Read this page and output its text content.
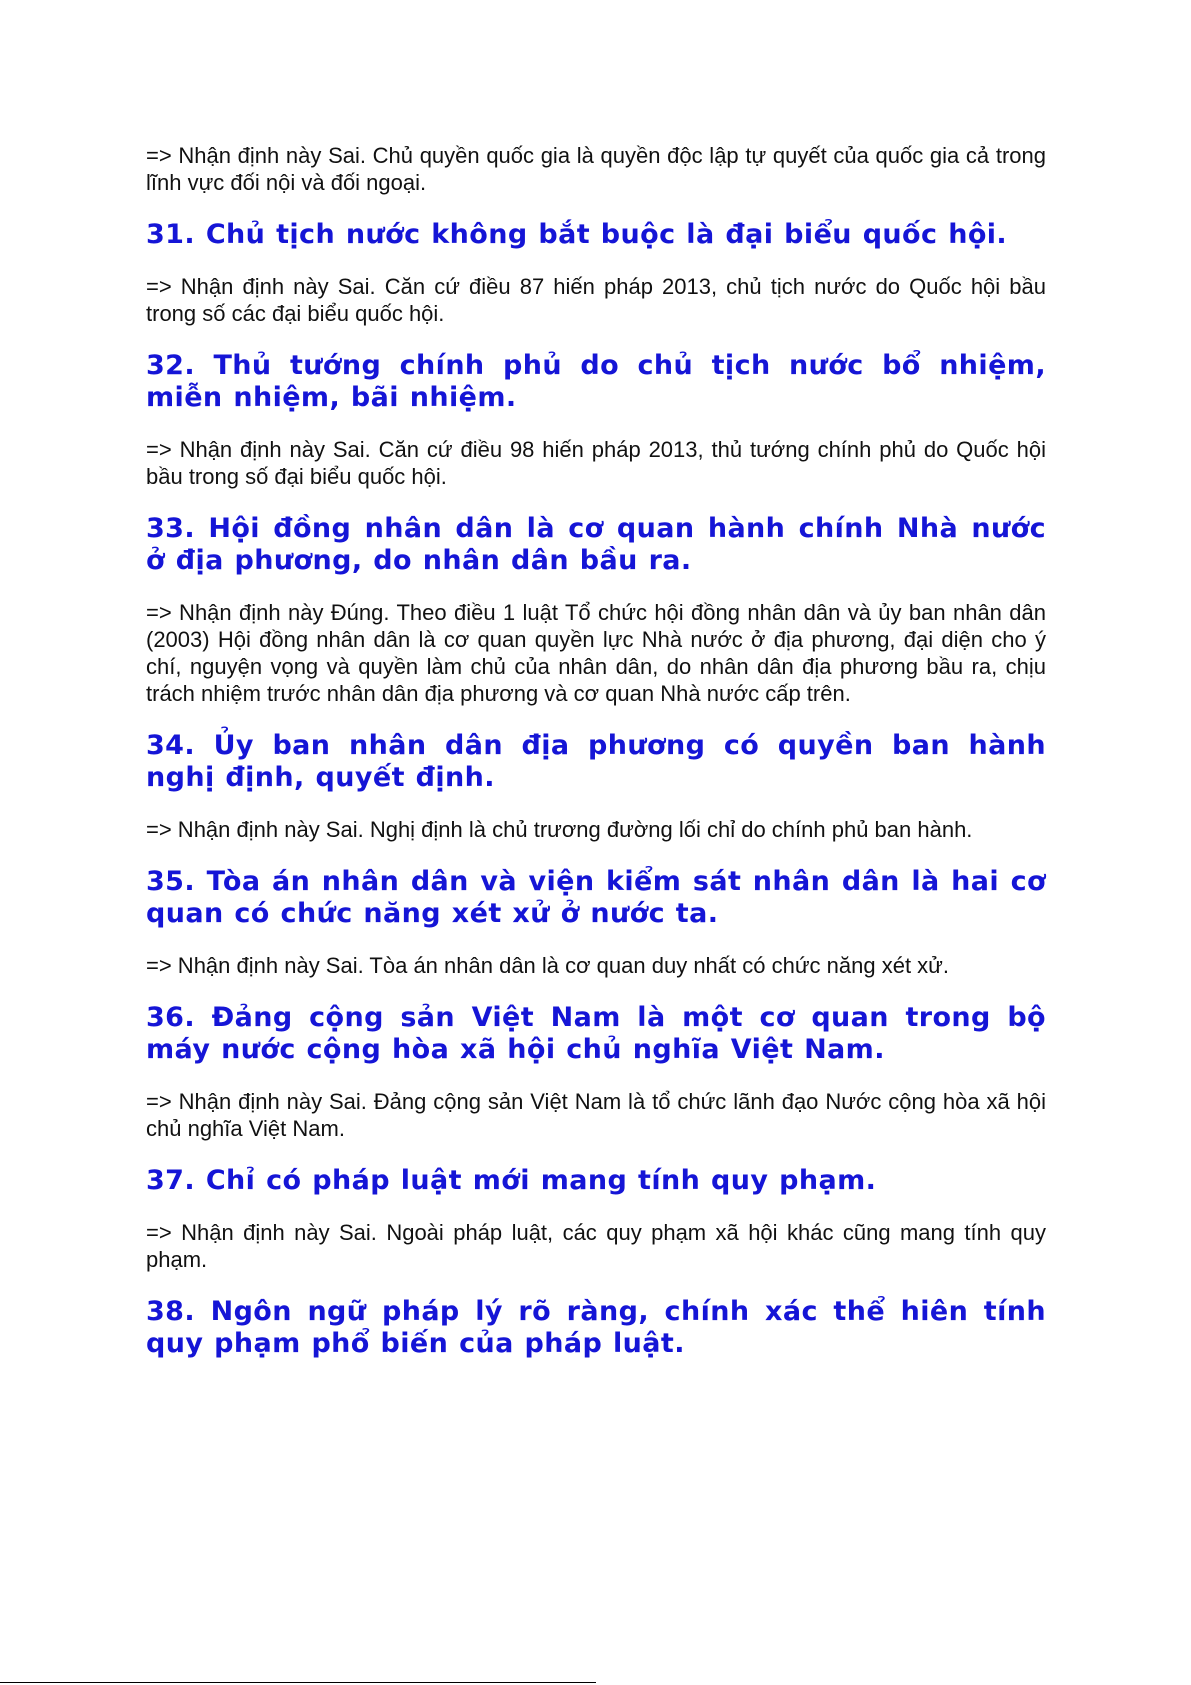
=> Nhận định này Sai. Chủ quyền quốc gia là quyền độc lập tự quyết của quốc gia cả trong lĩnh vực đối nội và đối ngoại.

31. Chủ tịch nước không bắt buộc là đại biểu quốc hội.

=> Nhận định này Sai. Căn cứ điều 87 hiến pháp 2013, chủ tịch nước do Quốc hội bầu trong số các đại biểu quốc hội.

32. Thủ tướng chính phủ do chủ tịch nước bổ nhiệm, miễn nhiệm, bãi nhiệm.

=> Nhận định này Sai. Căn cứ điều 98 hiến pháp 2013, thủ tướng chính phủ do Quốc hội bầu trong số đại biểu quốc hội.

33. Hội đồng nhân dân là cơ quan hành chính Nhà nước ở địa phương, do nhân dân bầu ra.

=> Nhận định này Đúng. Theo điều 1 luật Tổ chức hội đồng nhân dân và ủy ban nhân dân (2003) Hội đồng nhân dân là cơ quan quyền lực Nhà nước ở địa phương, đại diện cho ý chí, nguyện vọng và quyền làm chủ của nhân dân, do nhân dân địa phương bầu ra, chịu trách nhiệm trước nhân dân địa phương và cơ quan Nhà nước cấp trên.

34. Ủy ban nhân dân địa phương có quyền ban hành nghị định, quyết định.

=> Nhận định này Sai. Nghị định là chủ trương đường lối chỉ do chính phủ ban hành.

35. Tòa án nhân dân và viện kiểm sát nhân dân là hai cơ quan có chức năng xét xử ở nước ta.

=> Nhận định này Sai. Tòa án nhân dân là cơ quan duy nhất có chức năng xét xử.

36. Đảng cộng sản Việt Nam là một cơ quan trong bộ máy nước cộng hòa xã hội chủ nghĩa Việt Nam.

=> Nhận định này Sai. Đảng cộng sản Việt Nam là tổ chức lãnh đạo Nước cộng hòa xã hội chủ nghĩa Việt Nam.

37. Chỉ có pháp luật mới mang tính quy phạm.

=> Nhận định này Sai. Ngoài pháp luật, các quy phạm xã hội khác cũng mang tính quy phạm.

38. Ngôn ngữ pháp lý rõ ràng, chính xác thể hiên tính quy phạm phổ biến của pháp luật.
